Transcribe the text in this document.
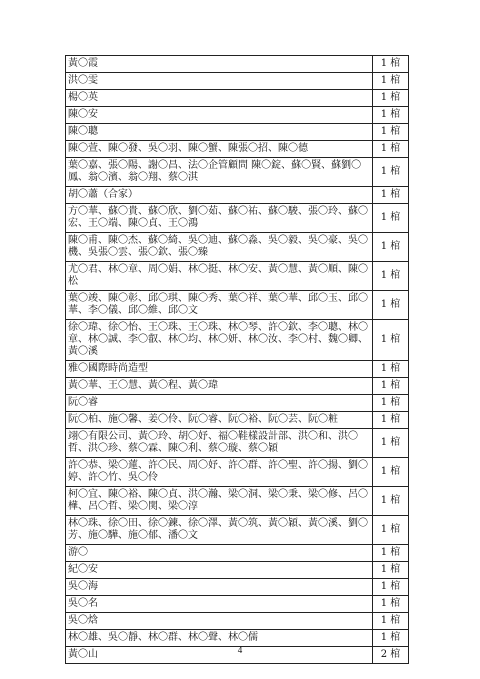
黃〇霞	1 棺
洪〇雯	1 棺
楊〇英	1 棺
陳〇安	1 棺
陳〇聰	1 棺
陳〇萱、陳〇發、吳〇羽、陳〇蟹、陳張〇招、陳〇德	1 棺
葉〇嘉、張〇陽、謝〇昌、法〇企管顧問 陳〇錠、蘇〇賢、蘇劉〇鳳、翁〇濱、翁〇翔、蔡〇淇	1 棺
胡〇蕭（合家）	1 棺
方〇華、蘇〇貴、蘇〇欣、劉〇茹、蘇〇祐、蘇〇駿、張〇玲、蘇〇宏、王〇端、陳〇貞、王〇鴻	1 棺
陳〇甫、陳〇杰、蘇〇綺、吳〇迪、蘇〇淼、吳〇毅、吳〇豪、吳〇機、吳張〇雲、張〇欽、張〇臻	1 棺
尤〇君、林〇章、周〇娟、林〇挺、林〇安、黃〇慧、黃〇順、陳〇松	1 棺
葉〇竣、陳〇彰、邱〇琪、陳〇秀、葉〇祥、葉〇華、邱〇玉、邱〇華、李〇儀、邱〇維、邱〇文	1 棺
徐〇瑋、徐〇怡、王〇珠、王〇珠、林〇琴、許〇欽、李〇聰、林〇章、林〇誠、李〇叡、林〇均、林〇妍、林〇汝、李〇村、魏〇卿、黃〇溪	1 棺
雅〇國際時尚造型	1 棺
黃〇華、王〇慧、黃〇程、黃〇瑋	1 棺
阮〇睿	1 棺
阮〇柏、施〇馨、姜〇伶、阮〇睿、阮〇裕、阮〇芸、阮〇粧	1 棺
翊〇有限公司、黃〇玲、胡〇妤、福〇鞋樣設計部、洪〇和、洪〇哲、洪〇珍、蔡〇霖、陳〇利、蔡〇璇、蔡〇穎	1 棺
許〇恭、梁〇蓮、許〇民、周〇妤、許〇群、許〇聖、許〇揚、劉〇婷、許〇竹、吳〇伶	1 棺
柯〇宜、陳〇裕、陳〇貞、洪〇瀚、梁〇洞、梁〇秉、梁〇修、呂〇樺、呂〇哲、梁〇関、梁〇淳	1 棺
林〇珠、徐〇田、徐〇鍊、徐〇澤、黃〇筑、黃〇穎、黃〇溪、劉〇芳、施〇驊、施〇郁、潘〇文	1 棺
游〇	1 棺
紀〇安	1 棺
吳〇海	1 棺
吳〇名	1 棺
吳〇焓	1 棺
林〇雄、吳〇靜、林〇群、林〇聲、林〇儒	1 棺
黃〇山	2 棺
4
